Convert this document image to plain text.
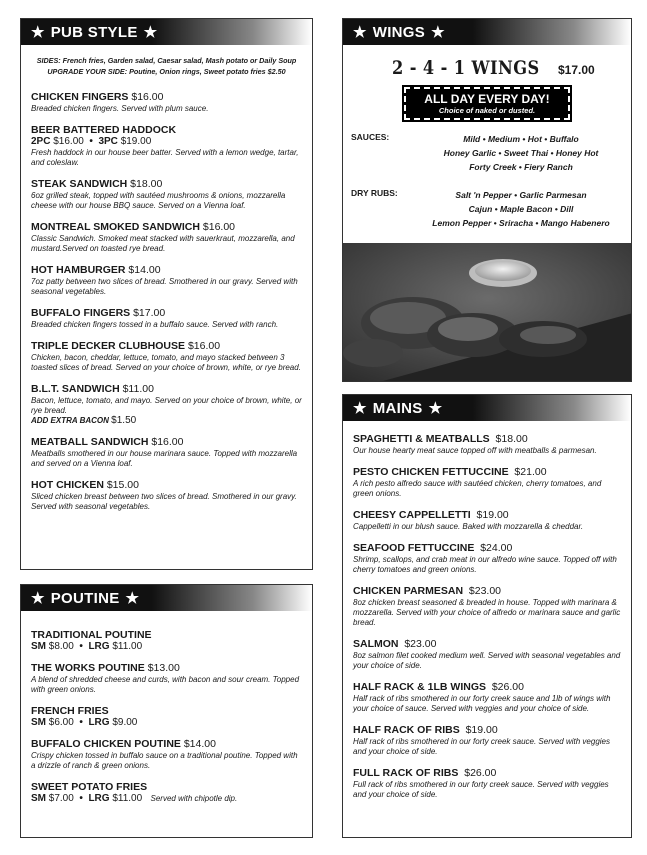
★ PUB STYLE ★
SIDES: French fries, Garden salad, Caesar salad, Mash potato or Daily Soup
UPGRADE YOUR SIDE: Poutine, Onion rings, Sweet potato fries $2.50
CHICKEN FINGERS $16.00
Breaded chicken fingers. Served with plum sauce.
BEER BATTERED HADDOCK
2PC $16.00  •  3PC $19.00
Fresh haddock in our house beer batter. Served with a lemon wedge, tartar, and coleslaw.
STEAK SANDWICH $18.00
6oz grilled steak, topped with sautéed mushrooms & onions, mozzarella cheese with our house BBQ sauce. Served on a Vienna loaf.
MONTREAL SMOKED SANDWICH $16.00
Classic Sandwich. Smoked meat stacked with sauerkraut, mozzarella, and mustard.Served on toasted rye bread.
HOT HAMBURGER $14.00
7oz patty between two slices of bread. Smothered in our gravy. Served with seasonal vegetables.
BUFFALO FINGERS $17.00
Breaded chicken fingers tossed in a buffalo sauce. Served with ranch.
TRIPLE DECKER CLUBHOUSE $16.00
Chicken, bacon, cheddar, lettuce, tomato, and mayo stacked between 3 toasted slices of bread. Served on your choice of brown, white, or rye bread.
B.L.T. SANDWICH $11.00
Bacon, lettuce, tomato, and mayo. Served on your choice of brown, white, or rye bread.
ADD EXTRA BACON $1.50
MEATBALL SANDWICH $16.00
Meatballs smothered in our house marinara sauce. Topped with mozzarella and served on a Vienna loaf.
HOT CHICKEN $15.00
Sliced chicken breast between two slices of bread. Smothered in our gravy. Served with seasonal vegetables.
★ POUTINE ★
TRADITIONAL POUTINE
SM $8.00  •  LRG $11.00
THE WORKS POUTINE $13.00
A blend of shredded cheese and curds, with bacon and sour cream. Topped with green onions.
FRENCH FRIES
SM $6.00  •  LRG $9.00
BUFFALO CHICKEN POUTINE $14.00
Crispy chicken tossed in buffalo sauce on a traditional poutine. Topped with a drizzle of ranch & green onions.
SWEET POTATO FRIES
SM $7.00  •  LRG $11.00 Served with chipotle dip.
★ WINGS ★
2 - 4 - 1 WINGS $17.00
ALL DAY EVERY DAY!
Choice of naked or dusted.
SAUCES:	Mild • Medium • Hot • Buffalo
Honey Garlic • Sweet Thai • Honey Hot
Forty Creek • Fiery Ranch
DRY RUBS:	Salt 'n Pepper • Garlic Parmesan
Cajun • Maple Bacon • Dill
Lemon Pepper • Sriracha • Mango Habenero
★ MAINS ★
SPAGHETTI & MEATBALLS $18.00
Our house hearty meat sauce topped off with meatballs & parmesan.
PESTO CHICKEN FETTUCCINE $21.00
A rich pesto alfredo sauce with sautéed chicken, cherry tomatoes, and green onions.
CHEESY CAPPELLETTI $19.00
Cappelletti in our blush sauce. Baked with mozzarella & cheddar.
SEAFOOD FETTUCCINE $24.00
Shrimp, scallops, and crab meat in our alfredo wine sauce. Topped off with cherry tomatoes and green onions.
CHICKEN PARMESAN $23.00
8oz chicken breast seasoned & breaded in house. Topped with marinara & mozzarella. Served with your choice of alfredo or marinara sauce and garlic bread.
SALMON $23.00
8oz salmon filet cooked medium well. Served with seasonal vegetables and your choice of side.
HALF RACK & 1LB WINGS $26.00
Half rack of ribs smothered in our forty creek sauce and 1lb of wings with your choice of sauce. Served with veggies and your choice of side.
HALF RACK OF RIBS $19.00
Half rack of ribs smothered in our forty creek sauce. Served with veggies and your choice of side.
FULL RACK OF RIBS $26.00
Full rack of ribs smothered in our forty creek sauce. Served with veggies and your choice of side.
